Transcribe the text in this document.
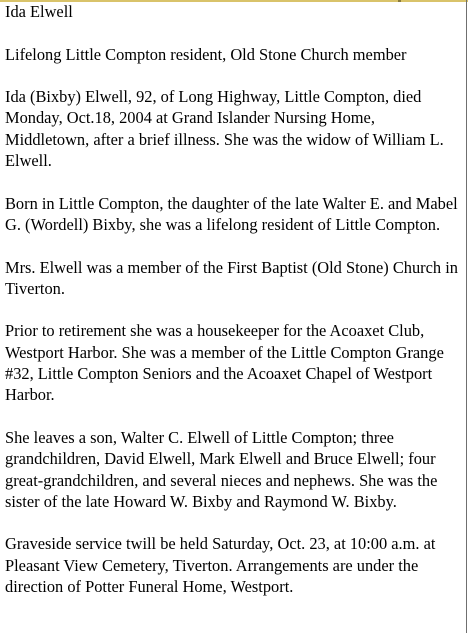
Ida Elwell

Lifelong Little Compton resident, Old Stone Church member

Ida (Bixby) Elwell, 92, of Long Highway, Little Compton, died Monday, Oct.18, 2004 at Grand Islander Nursing Home, Middletown, after a brief illness. She was the widow of William L. Elwell.

Born in Little Compton, the daughter of the late Walter E. and Mabel G. (Wordell) Bixby, she was a lifelong resident of Little Compton.

Mrs. Elwell was a member of the First Baptist (Old Stone) Church in Tiverton.

Prior to retirement she was a housekeeper for the Acoaxet Club, Westport Harbor. She was a member of the Little Compton Grange #32, Little Compton Seniors and the Acoaxet Chapel of Westport Harbor.

She leaves a son, Walter C. Elwell of Little Compton; three grandchildren, David Elwell, Mark Elwell and Bruce Elwell; four great-grandchildren, and several nieces and nephews. She was the sister of the late Howard W. Bixby and Raymond W. Bixby.

Graveside service twill be held Saturday, Oct. 23, at 10:00 a.m. at Pleasant View Cemetery, Tiverton. Arrangements are under the direction of Potter Funeral Home, Westport.
